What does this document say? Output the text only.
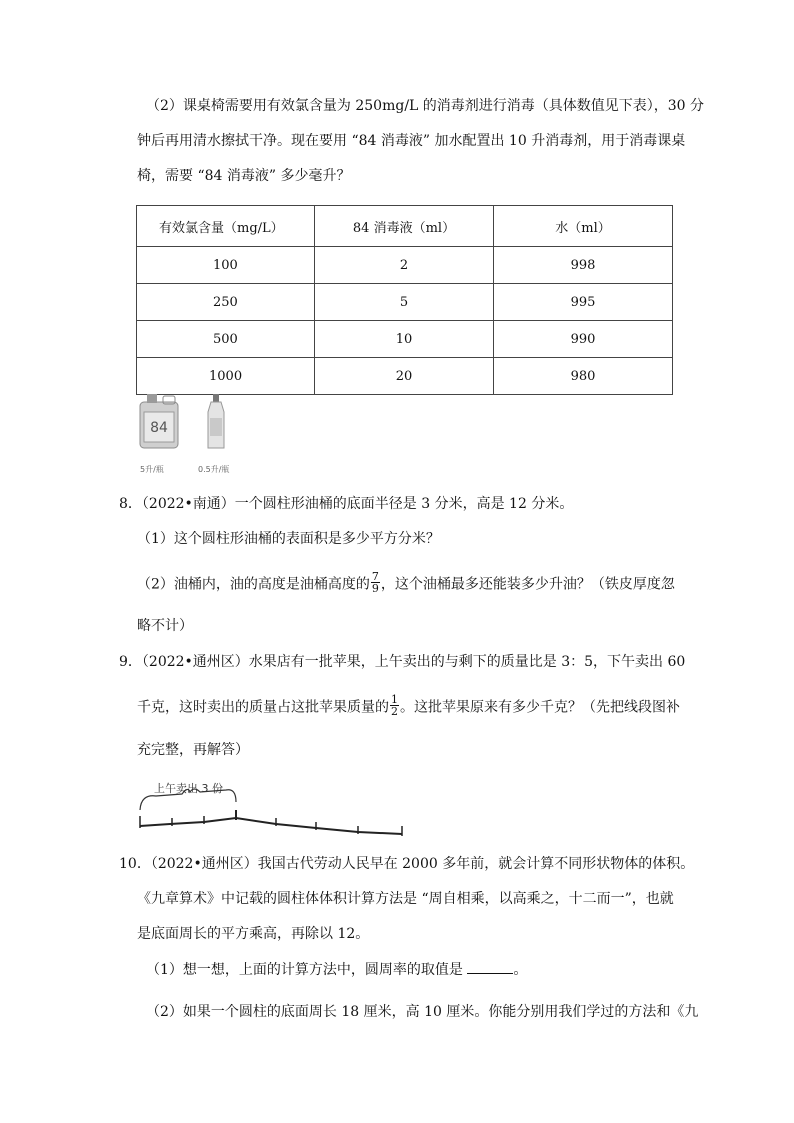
（2）课桌椅需要用有效氯含量为 250mg/L 的消毒剂进行消毒（具体数值见下表），30 分
钟后再用清水擦拭干净。现在要用 “84 消毒液” 加水配置出 10 升消毒剂，用于消毒课桌
椅，需要 “84 消毒液” 多少毫升？
有效氯含量（mg/L）	84 消毒液（ml）	水（ml）
100	2	998
250	5	995
500	10	990
1000	20	980
84
5升/瓶	0.5升/瓶
8．（2022•南通）一个圆柱形油桶的底面半径是 3 分米，高是 12 分米。
（1）这个圆柱形油桶的表面积是多少平方分米？
（2）油桶内，油的高度是油桶高度的 $\frac{7}{9}$ ，这个油桶最多还能装多少升油？（铁皮厚度忽
略不计）
9．（2022•通州区）水果店有一批苹果，上午卖出的与剩下的质量比是 3：5，下午卖出 60
千克，这时卖出的质量占这批苹果质量的 $\frac{1}{2}$ 。这批苹果原来有多少千克？（先把线段图补
充完整，再解答）
上午卖出 3 份
10．（2022•通州区）我国古代劳动人民早在 2000 多年前，就会计算不同形状物体的体积。
《九章算术》中记载的圆柱体体积计算方法是 “周自相乘，以高乘之，十二而一”，也就
是底面周长的平方乘高，再除以 12。
（1）想一想，上面的计算方法中，圆周率的取值是	。
（2）如果一个圆柱的底面周长 18 厘米，高 10 厘米。你能分别用我们学过的方法和《九
